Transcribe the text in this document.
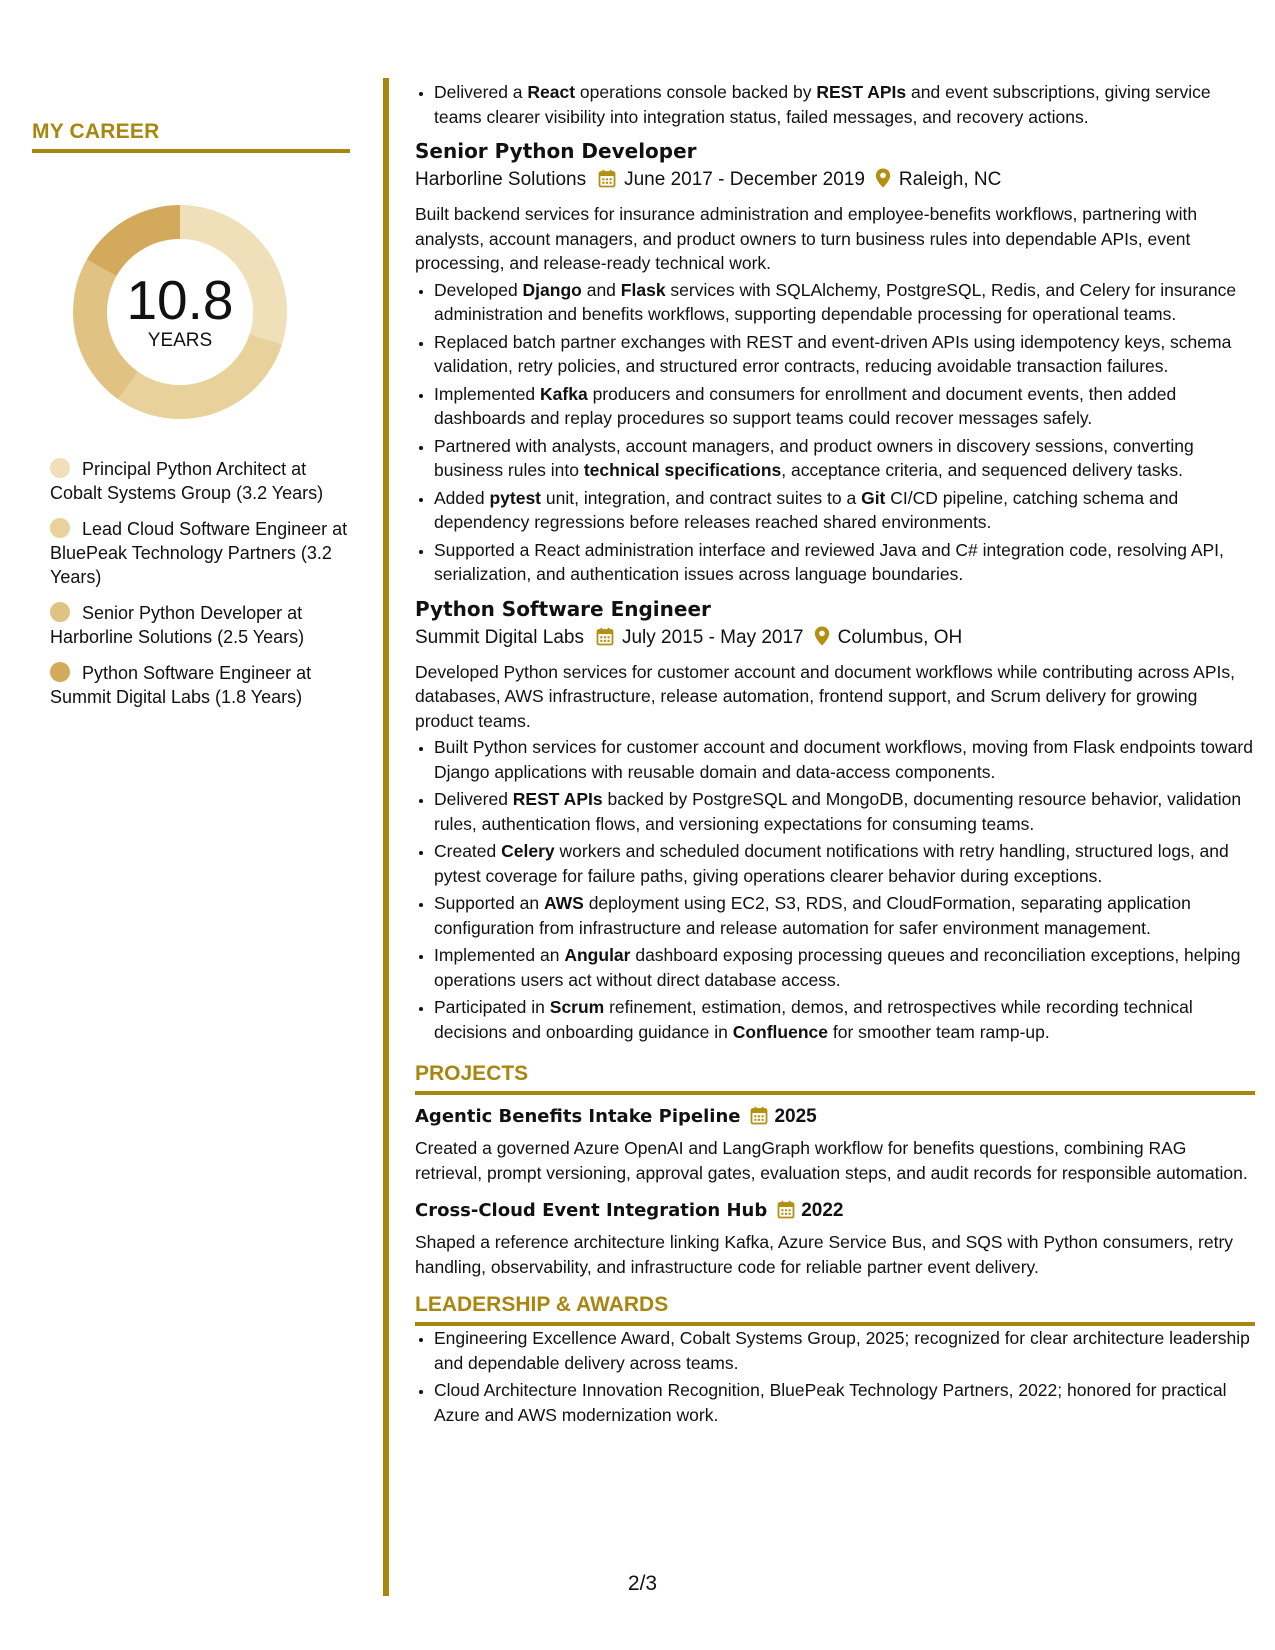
MY CAREER
10.8
YEARS
Principal Python Architect at Cobalt Systems Group (3.2 Years)
Lead Cloud Software Engineer at BluePeak Technology Partners (3.2 Years)
Senior Python Developer at Harborline Solutions (2.5 Years)
Python Software Engineer at Summit Digital Labs (1.8 Years)
• Delivered a React operations console backed by REST APIs and event subscriptions, giving service teams clearer visibility into integration status, failed messages, and recovery actions.
Senior Python Developer
Harborline Solutions June 2017 - December 2019 Raleigh, NC
Built backend services for insurance administration and employee-benefits workflows, partnering with analysts, account managers, and product owners to turn business rules into dependable APIs, event processing, and release-ready technical work.
• Developed Django and Flask services with SQLAlchemy, PostgreSQL, Redis, and Celery for insurance administration and benefits workflows, supporting dependable processing for operational teams.
• Replaced batch partner exchanges with REST and event-driven APIs using idempotency keys, schema validation, retry policies, and structured error contracts, reducing avoidable transaction failures.
• Implemented Kafka producers and consumers for enrollment and document events, then added dashboards and replay procedures so support teams could recover messages safely.
• Partnered with analysts, account managers, and product owners in discovery sessions, converting business rules into technical specifications, acceptance criteria, and sequenced delivery tasks.
• Added pytest unit, integration, and contract suites to a Git CI/CD pipeline, catching schema and dependency regressions before releases reached shared environments.
• Supported a React administration interface and reviewed Java and C# integration code, resolving API, serialization, and authentication issues across language boundaries.
Python Software Engineer
Summit Digital Labs July 2015 - May 2017 Columbus, OH
Developed Python services for customer account and document workflows while contributing across APIs, databases, AWS infrastructure, release automation, frontend support, and Scrum delivery for growing product teams.
• Built Python services for customer account and document workflows, moving from Flask endpoints toward Django applications with reusable domain and data-access components.
• Delivered REST APIs backed by PostgreSQL and MongoDB, documenting resource behavior, validation rules, authentication flows, and versioning expectations for consuming teams.
• Created Celery workers and scheduled document notifications with retry handling, structured logs, and pytest coverage for failure paths, giving operations clearer behavior during exceptions.
• Supported an AWS deployment using EC2, S3, RDS, and CloudFormation, separating application configuration from infrastructure and release automation for safer environment management.
• Implemented an Angular dashboard exposing processing queues and reconciliation exceptions, helping operations users act without direct database access.
• Participated in Scrum refinement, estimation, demos, and retrospectives while recording technical decisions and onboarding guidance in Confluence for smoother team ramp-up.
PROJECTS
Agentic Benefits Intake Pipeline 2025
Created a governed Azure OpenAI and LangGraph workflow for benefits questions, combining RAG retrieval, prompt versioning, approval gates, evaluation steps, and audit records for responsible automation.
Cross-Cloud Event Integration Hub 2022
Shaped a reference architecture linking Kafka, Azure Service Bus, and SQS with Python consumers, retry handling, observability, and infrastructure code for reliable partner event delivery.
LEADERSHIP & AWARDS
• Engineering Excellence Award, Cobalt Systems Group, 2025; recognized for clear architecture leadership and dependable delivery across teams.
• Cloud Architecture Innovation Recognition, BluePeak Technology Partners, 2022; honored for practical Azure and AWS modernization work.
2/3
